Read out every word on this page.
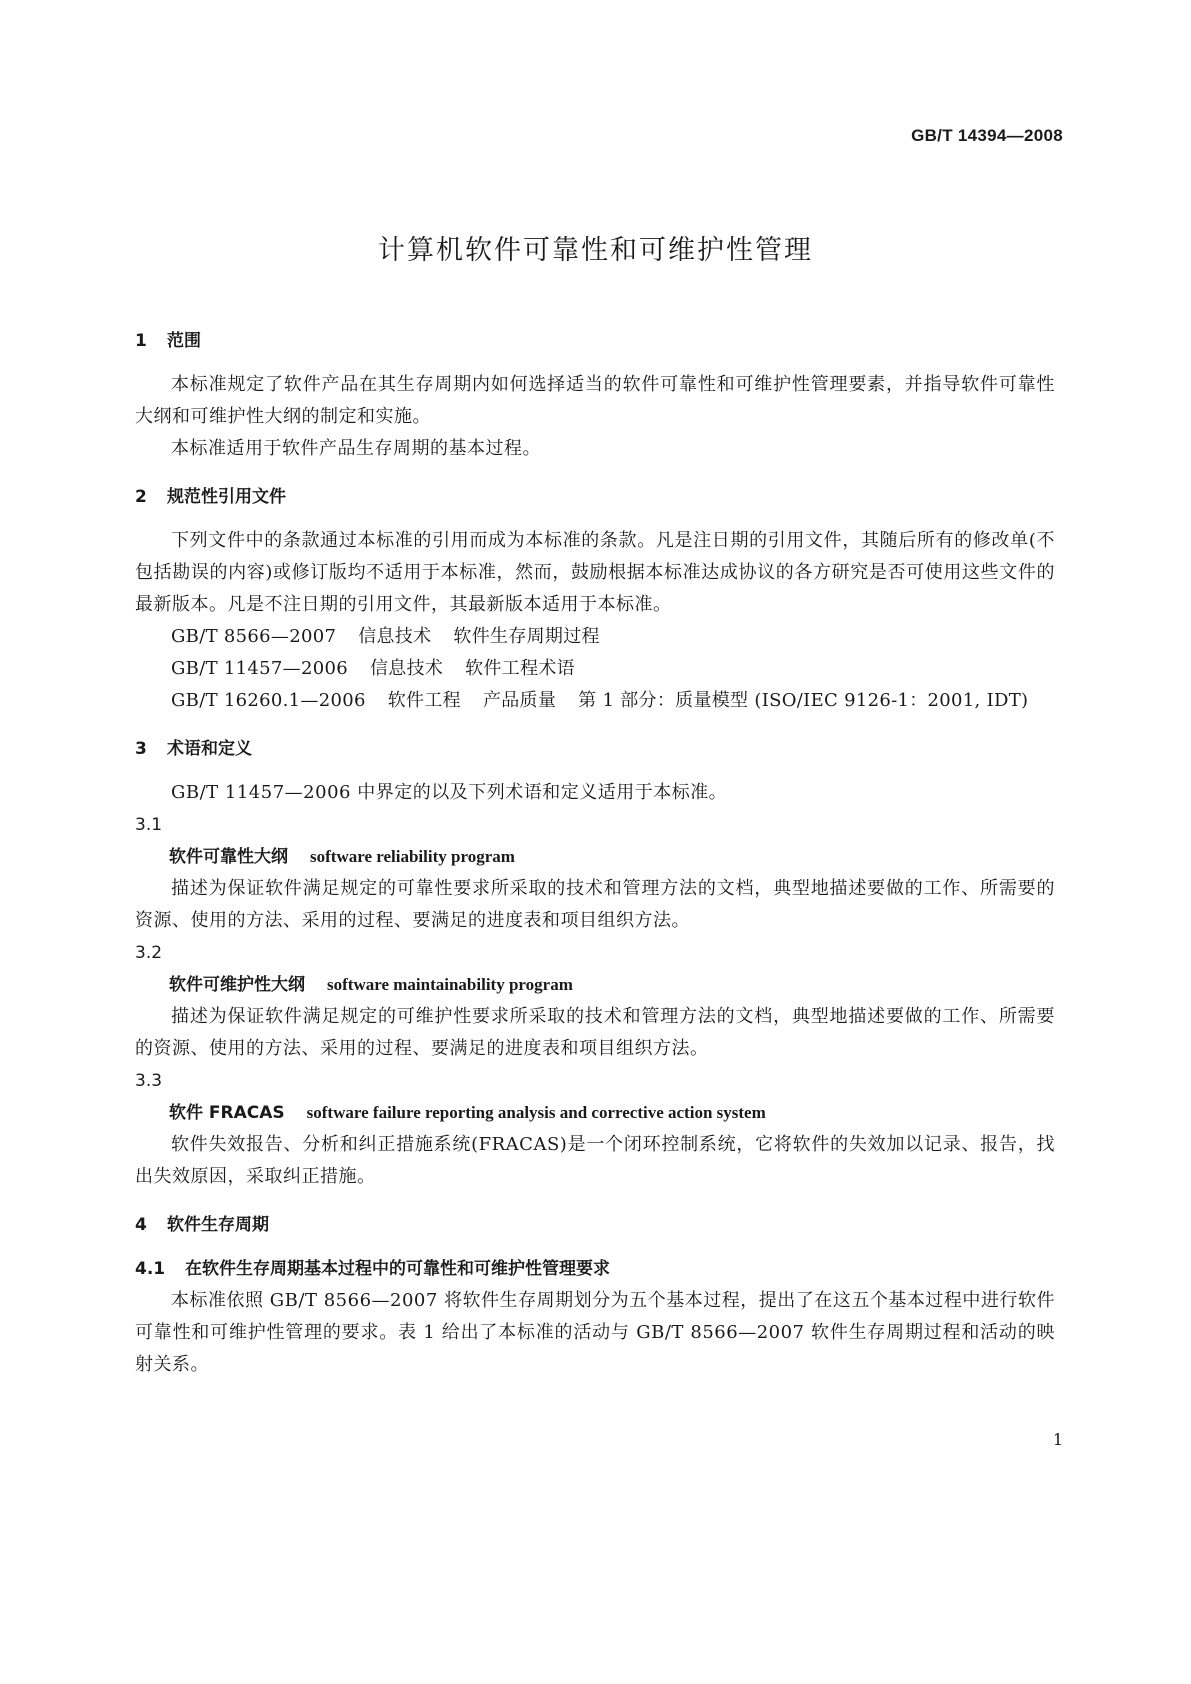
GB/T 14394—2008
计算机软件可靠性和可维护性管理
1 范围

本标准规定了软件产品在其生存周期内如何选择适当的软件可靠性和可维护性管理要素，并指导软件可靠性大纲和可维护性大纲的制定和实施。

本标准适用于软件产品生存周期的基本过程。

2 规范性引用文件

下列文件中的条款通过本标准的引用而成为本标准的条款。凡是注日期的引用文件，其随后所有的修改单(不包括勘误的内容)或修订版均不适用于本标准，然而，鼓励根据本标准达成协议的各方研究是否可使用这些文件的最新版本。凡是不注日期的引用文件，其最新版本适用于本标准。

GB/T 8566—2007 信息技术 软件生存周期过程
GB/T 11457—2006 信息技术 软件工程术语
GB/T 16260.1—2006 软件工程 产品质量 第 1 部分：质量模型 (ISO/IEC 9126-1：2001, IDT)
3 术语和定义

GB/T 11457—2006 中界定的以及下列术语和定义适用于本标准。

3.1
软件可靠性大纲 software reliability program

描述为保证软件满足规定的可靠性要求所采取的技术和管理方法的文档，典型地描述要做的工作、所需要的资源、使用的方法、采用的过程、要满足的进度表和项目组织方法。

3.2
软件可维护性大纲 software maintainability program

描述为保证软件满足规定的可维护性要求所采取的技术和管理方法的文档，典型地描述要做的工作、所需要的资源、使用的方法、采用的过程、要满足的进度表和项目组织方法。

3.3
软件 FRACAS software failure reporting analysis and corrective action system

软件失效报告、分析和纠正措施系统(FRACAS)是一个闭环控制系统，它将软件的失效加以记录、报告，找出失效原因，采取纠正措施。

4 软件生存周期
4.1 在软件生存周期基本过程中的可靠性和可维护性管理要求

本标准依照 GB/T 8566—2007 将软件生存周期划分为五个基本过程，提出了在这五个基本过程中进行软件可靠性和可维护性管理的要求。表 1 给出了本标准的活动与 GB/T 8566—2007 软件生存周期过程和活动的映射关系。

1
